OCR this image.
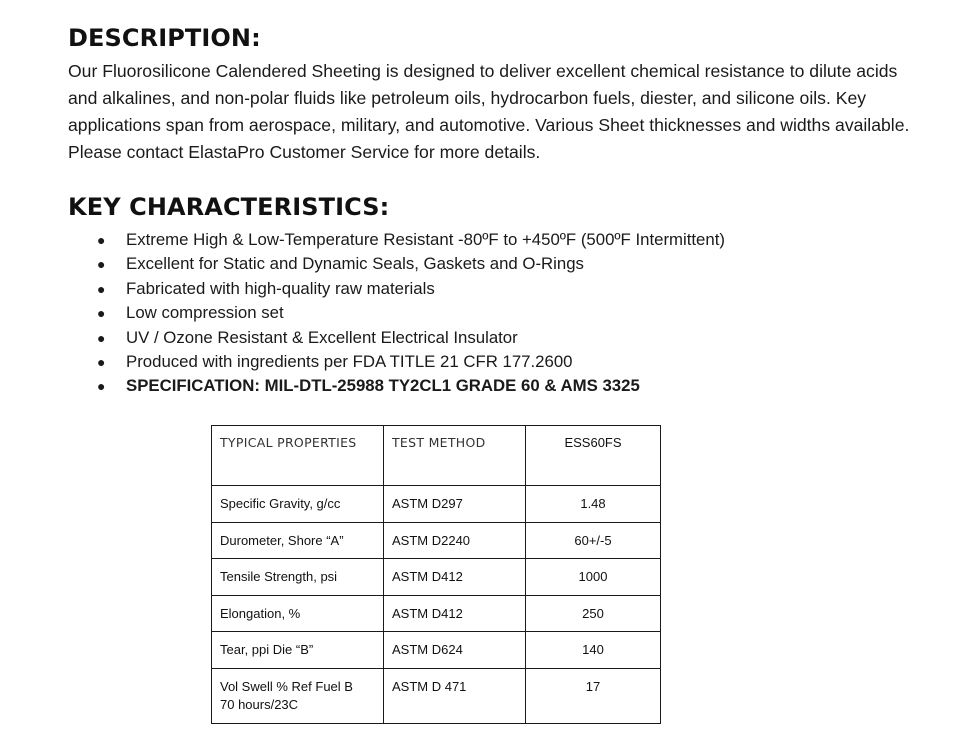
DESCRIPTION:

Our Fluorosilicone Calendered Sheeting is designed to deliver excellent chemical resistance to dilute acids and alkalines, and non-polar fluids like petroleum oils, hydrocarbon fuels, diester, and silicone oils. Key applications span from aerospace, military, and automotive. Various Sheet thicknesses and widths available. Please contact ElastaPro Customer Service for more details.

KEY CHARACTERISTICS:
● Extreme High & Low-Temperature Resistant -80ºF to +450ºF (500ºF Intermittent)
● Excellent for Static and Dynamic Seals, Gaskets and O-Rings
● Fabricated with high-quality raw materials
● Low compression set
● UV / Ozone Resistant & Excellent Electrical Insulator
● Produced with ingredients per FDA TITLE 21 CFR 177.2600
● SPECIFICATION: MIL-DTL-25988 TY2CL1 GRADE 60 & AMS 3325
TYPICAL PROPERTIES	TEST METHOD	ESS60FS
Specific Gravity, g/cc	ASTM D297	1.48
Durometer, Shore “A”	ASTM D2240	60+/-5
Tensile Strength, psi	ASTM D412	1000
Elongation, %	ASTM D412	250
Tear, ppi Die “B”	ASTM D624	140

Vol Swell % Ref Fuel B
70 hours/23C	ASTM D 471	17
